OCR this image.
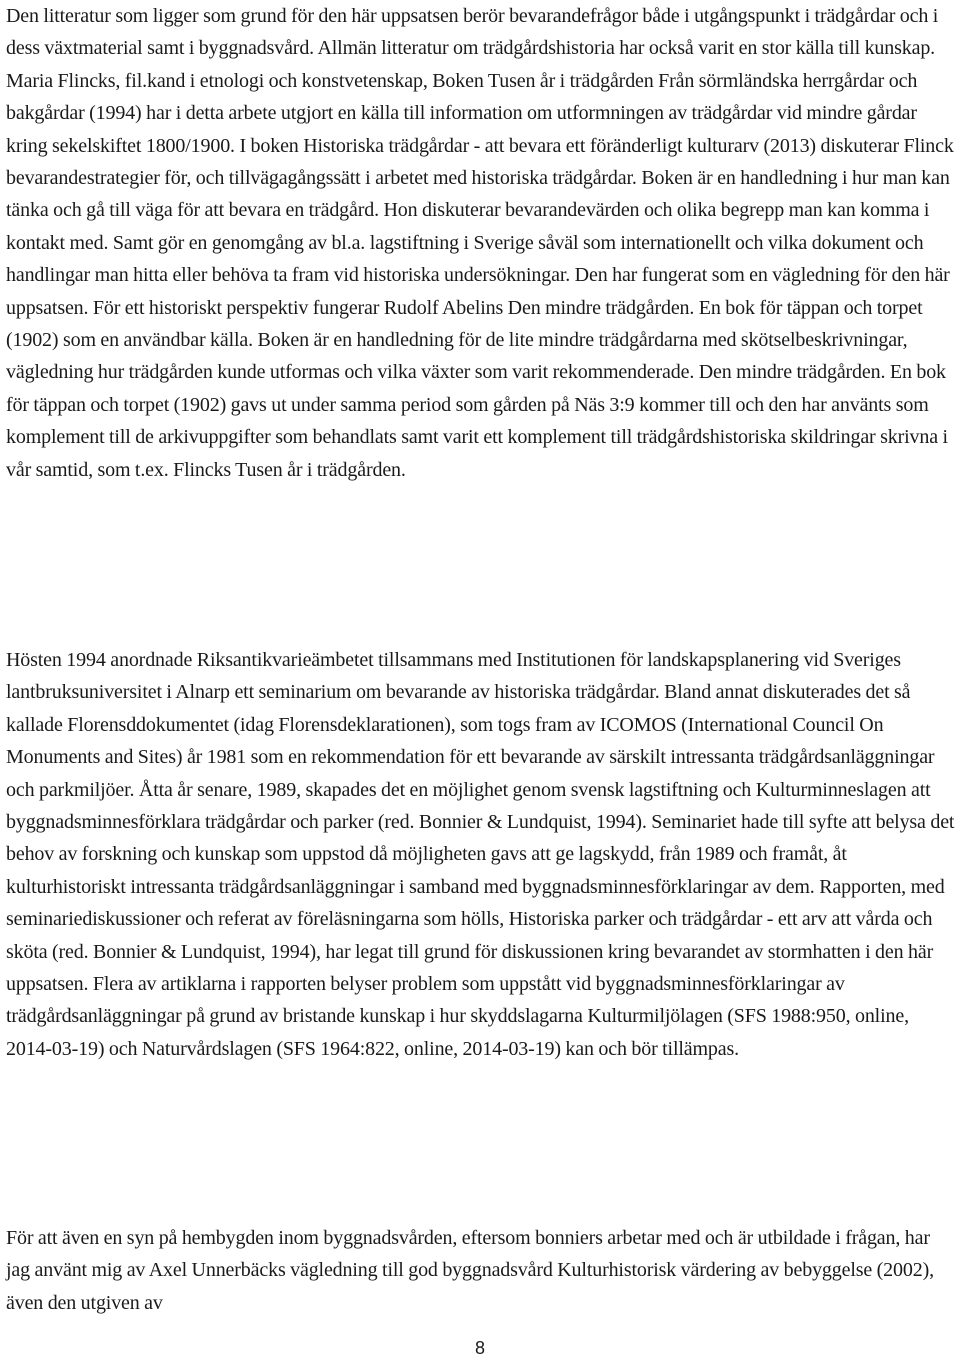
Den litteratur som ligger som grund för den här uppsatsen berör bevarandefrågor både i utgångspunkt i trädgårdar och i dess växtmaterial samt i byggnadsvård. Allmän litteratur om trädgårdshistoria har också varit en stor källa till kunskap. Maria Flincks, fil.kand i etnologi och konstvetenskap, Boken Tusen år i trädgården Från sörmländska herrgårdar och bakgårdar (1994) har i detta arbete utgjort en källa till information om utformningen av trädgårdar vid mindre gårdar kring sekelskiftet 1800/1900. I boken Historiska trädgårdar - att bevara ett föränderligt kulturarv (2013) diskuterar Flinck bevarandestrategier för, och tillvägagångssätt i arbetet med historiska trädgårdar. Boken är en handledning i hur man kan tänka och gå till väga för att bevara en trädgård. Hon diskuterar bevarandevärden och olika begrepp man kan komma i kontakt med. Samt gör en genomgång av bl.a. lagstiftning i Sverige såväl som internationellt och vilka dokument och handlingar man hitta eller behöva ta fram vid historiska undersökningar. Den har fungerat som en vägledning för den här uppsatsen. För ett historiskt perspektiv fungerar Rudolf Abelins Den mindre trädgården. En bok för täppan och torpet (1902) som en användbar källa. Boken är en handledning för de lite mindre trädgårdarna med skötselbeskrivningar, vägledning hur trädgården kunde utformas och vilka växter som varit rekommenderade. Den mindre trädgården. En bok för täppan och torpet (1902) gavs ut under samma period som gården på Näs 3:9 kommer till och den har använts som komplement till de arkivuppgifter som behandlats samt varit ett komplement till trädgårdshistoriska skildringar skrivna i vår samtid, som t.ex. Flincks Tusen år i trädgården.

Hösten 1994 anordnade Riksantikvarieämbetet tillsammans med Institutionen för landskapsplanering vid Sveriges lantbruksuniversitet i Alnarp ett seminarium om bevarande av historiska trädgårdar. Bland annat diskuterades det så kallade Florensddokumentet (idag Florensdeklarationen), som togs fram av ICOMOS (International Council On Monuments and Sites) år 1981 som en rekommendation för ett bevarande av särskilt intressanta trädgårdsanläggningar och parkmiljöer. Åtta år senare, 1989, skapades det en möjlighet genom svensk lagstiftning och Kulturminneslagen att byggnadsminnesförklara trädgårdar och parker (red. Bonnier & Lundquist, 1994). Seminariet hade till syfte att belysa det behov av forskning och kunskap som uppstod då möjligheten gavs att ge lagskydd, från 1989 och framåt, åt kulturhistoriskt intressanta trädgårdsanläggningar i samband med byggnadsminnesförklaringar av dem. Rapporten, med seminariediskussioner och referat av föreläsningarna som hölls, Historiska parker och trädgårdar - ett arv att vårda och sköta (red. Bonnier & Lundquist, 1994), har legat till grund för diskussionen kring bevarandet av stormhatten i den här uppsatsen. Flera av artiklarna i rapporten belyser problem som uppstått vid byggnadsminnesförklaringar av trädgårdsanläggningar på grund av bristande kunskap i hur skyddslagarna Kulturmiljölagen (SFS 1988:950, online, 2014-03-19) och Naturvårdslagen (SFS 1964:822, online, 2014-03-19) kan och bör tillämpas.

För att även en syn på hembygden inom byggnadsvården, eftersom bonniers arbetar med och är utbildade i frågan, har jag använt mig av Axel Unnerbäcks vägledning till god byggnadsvård Kulturhistorisk värdering av bebyggelse (2002), även den utgiven av

8
